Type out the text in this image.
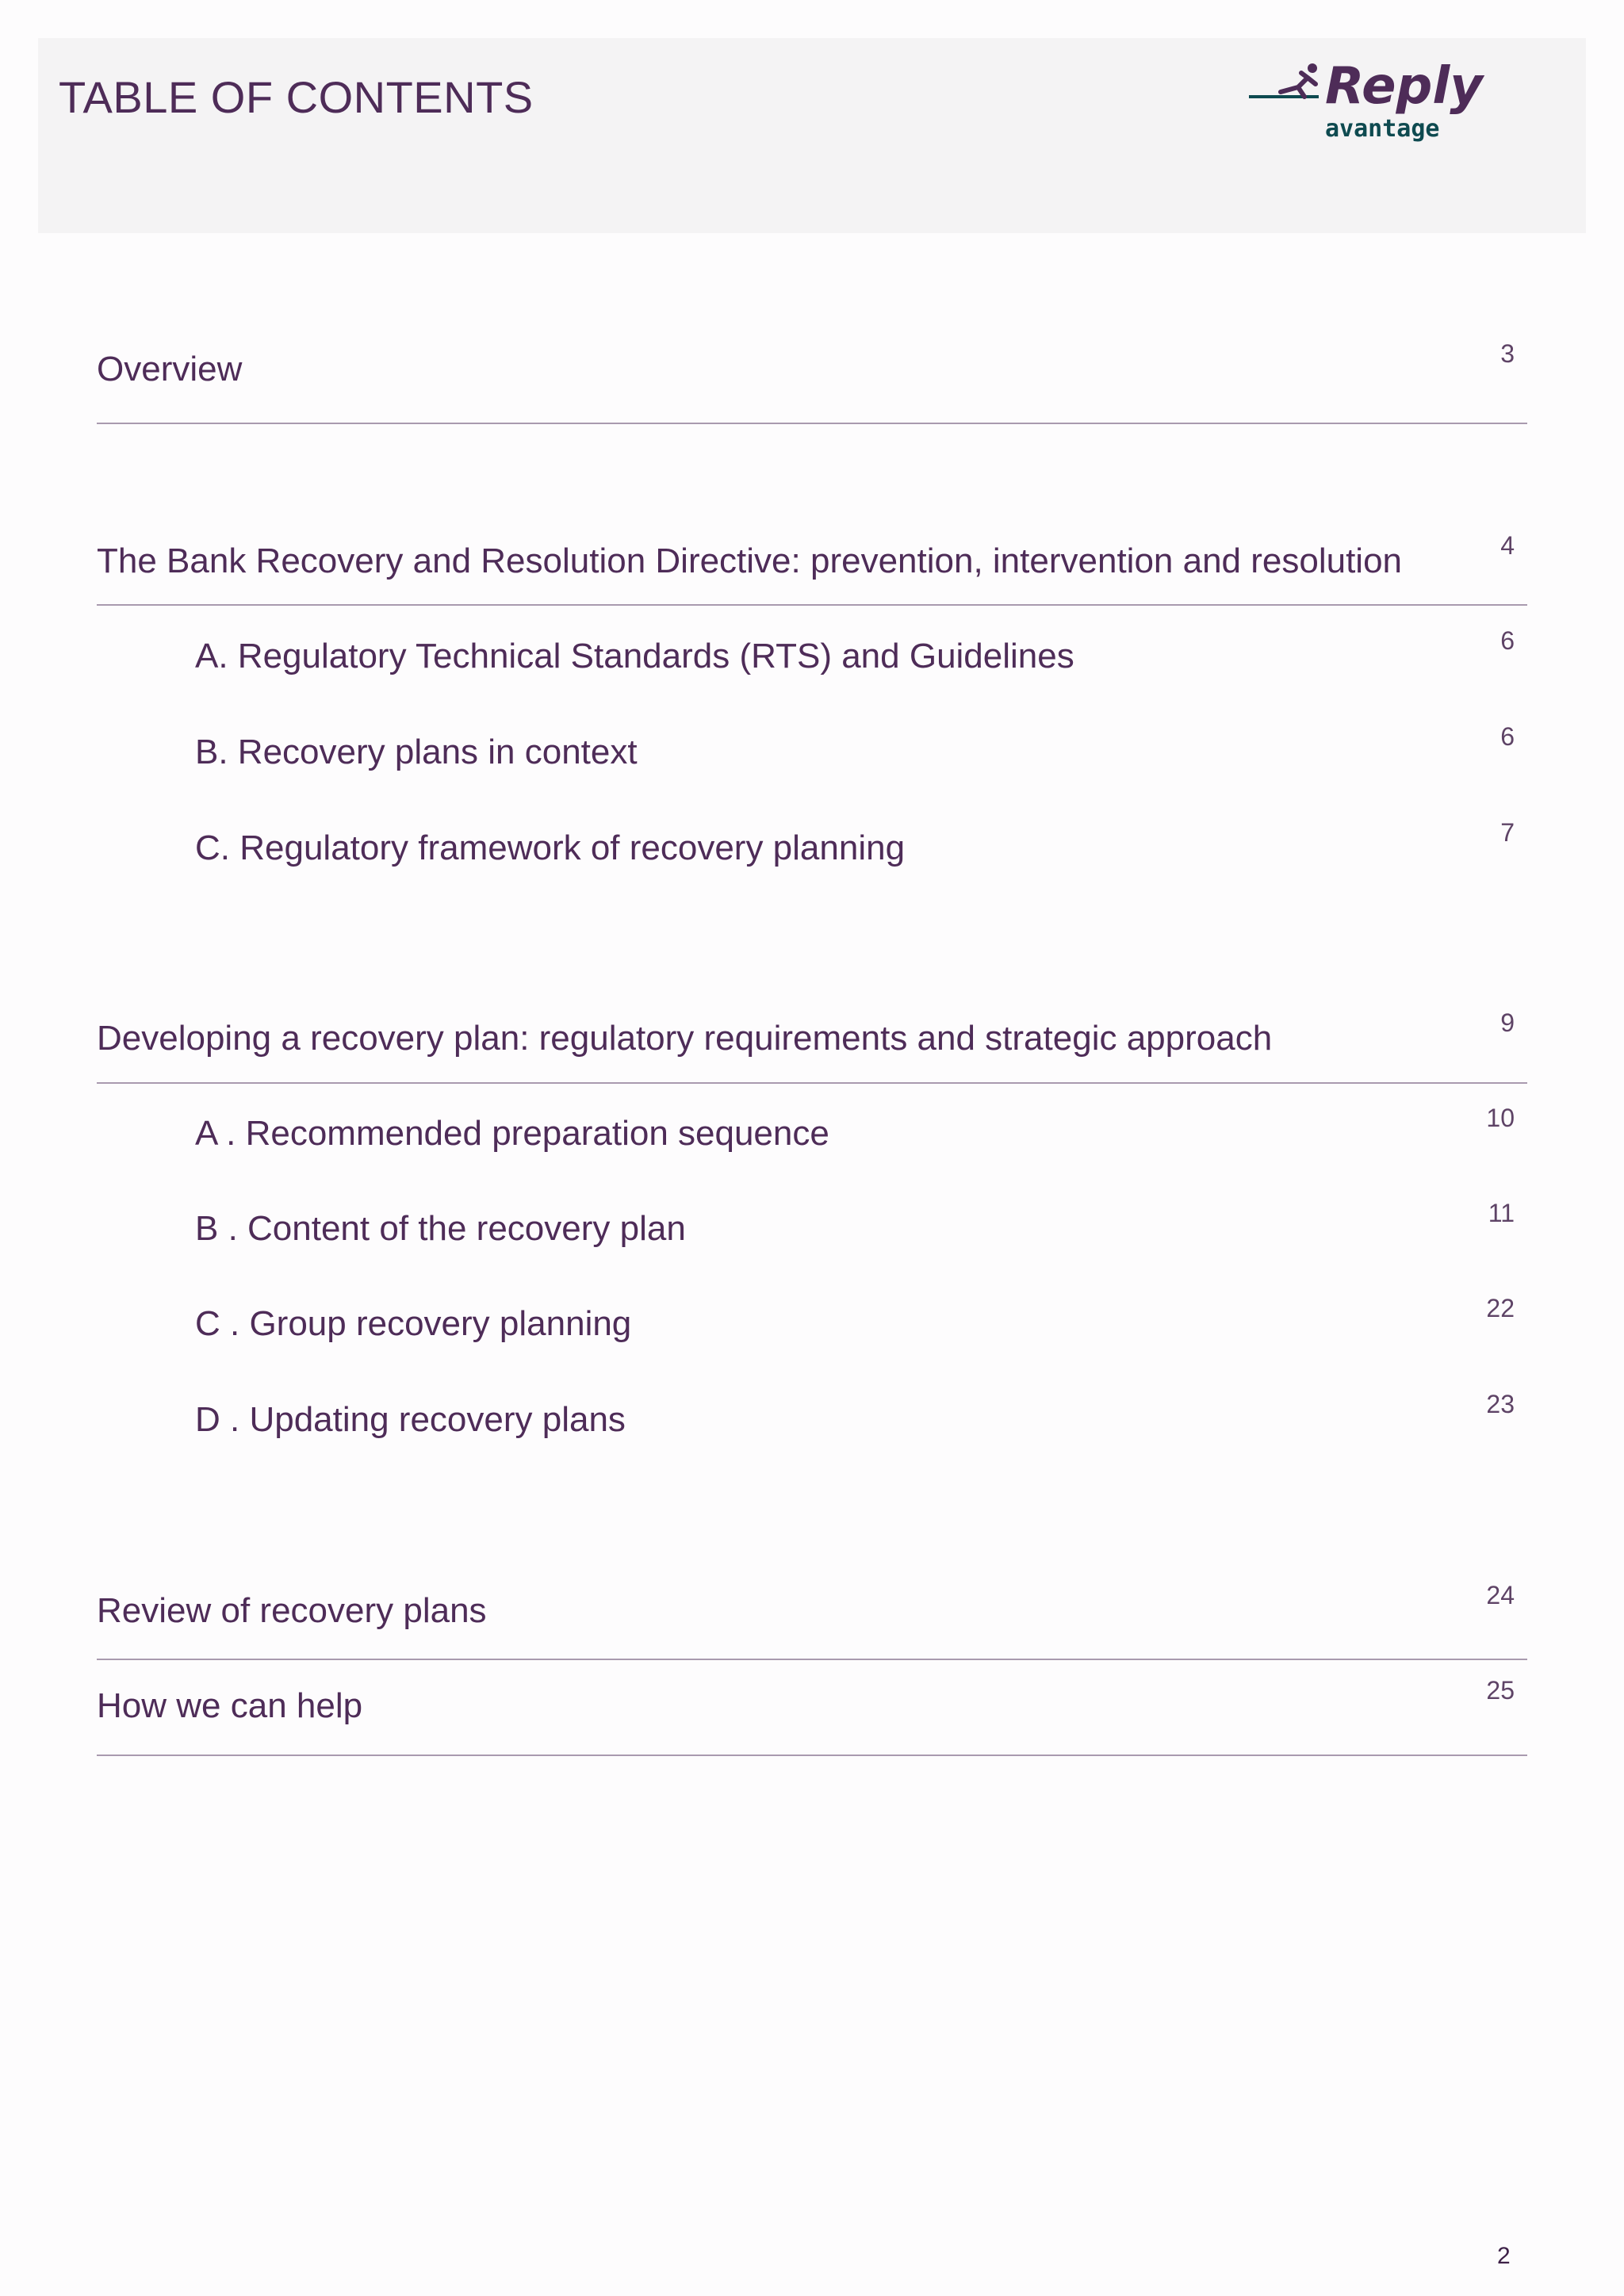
TABLE OF CONTENTS	Reply
avantage
Overview	3
The Bank Recovery and Resolution Directive: prevention, intervention and resolution	4
A. Regulatory Technical Standards (RTS) and Guidelines	6
B. Recovery plans in context	6
C. Regulatory framework of recovery planning	7
Developing a recovery plan: regulatory requirements and strategic approach	9
A . Recommended preparation sequence	10
B . Content of the recovery plan	11
C . Group recovery planning	22
D . Updating recovery plans	23
Review of recovery plans	24
How we can help	25
2
